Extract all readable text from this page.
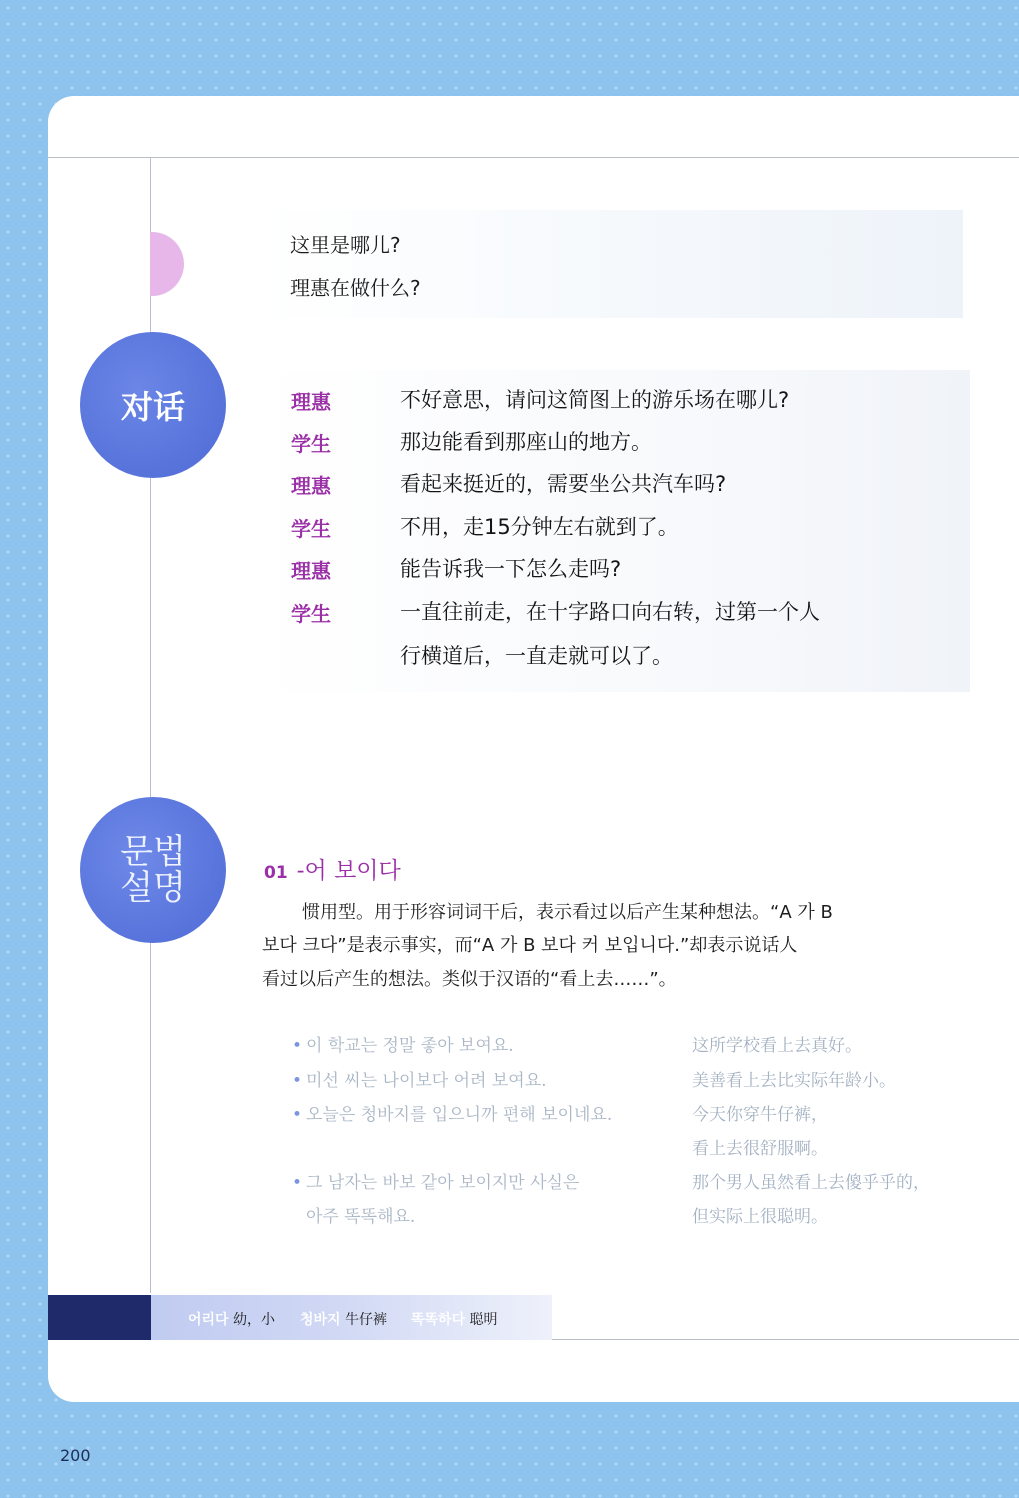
这里是哪儿?
理惠在做什么?
对话	理惠	不好意思，请问这简图上的游乐场在哪儿?
学生	那边能看到那座山的地方。
理惠	看起来挺近的，需要坐公共汽车吗?
学生	不用，走15分钟左右就到了。
理惠	能告诉我一下怎么走吗?
学生	一直往前走，在十字路口向右转，过第一个人
行横道后，一直走就可以了。
문법
설명	01 -어 보이다
惯用型。用于形容词词干后，表示看过以后产生某种想法。“A 가 B
보다 크다”是表示事实，而“A 가 B 보다 커 보입니다.”却表示说话人
看过以后产生的想法。类似于汉语的“看上去……”。
• 이 학교는 정말 좋아 보여요.	这所学校看上去真好。
• 미선 씨는 나이보다 어려 보여요.	美善看上去比实际年龄小。
• 오늘은 청바지를 입으니까 편해 보이네요.	今天你穿牛仔裤，
看上去很舒服啊。
• 그 남자는 바보 같아 보이지만 사실은	那个男人虽然看上去傻乎乎的，
아주 똑똑해요.	但实际上很聪明。
어리다 幼，小 청바지 牛仔裤 똑똑하다 聪明
200
